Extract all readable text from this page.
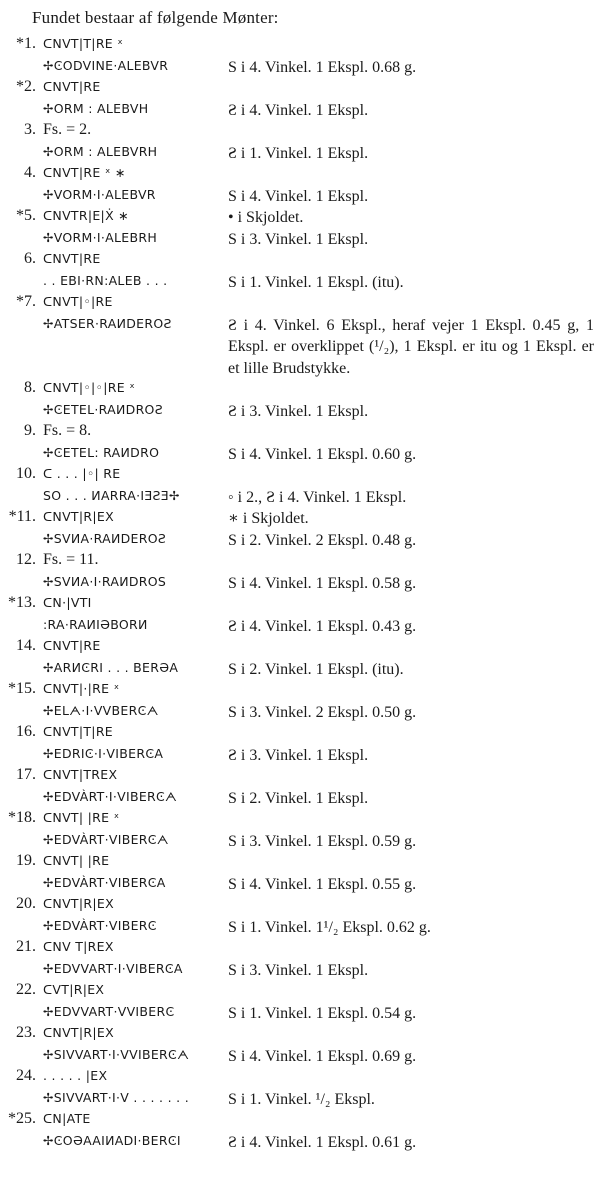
Fundet bestaar af følgende Mønter:
*1. ᑕΝVT|T|RE ˣ
✢ϾODVINE·ALEBVR	S i 4. Vinkel. 1 Ekspl. 0.68 g.
*2. ᑕΝVT|RE
✢ORM : ALEBVH	Ƨ i 4. Vinkel. 1 Ekspl.
3. Fs. = 2.
✢ORM : ALEBVRH	Ƨ i 1. Vinkel. 1 Ekspl.
4. ᑕΝVT|RE ˣ ∗
✢VORM·I·ALEBVR	S i 4. Vinkel. 1 Ekspl.
*5. ᑕΝVTR|E|Ẋ ∗	• i Skjoldet.
✢VORM·I·ALEBRH	S i 3. Vinkel. 1 Ekspl.
6. ᑕΝVT|RE
. . EBI·RN:ALEB . . .	S i 1. Vinkel. 1 Ekspl. (itu).
*7. ᑕΝVT|◦|RE
✢ATSER·RAИDEROƧ	Ƨ i 4. Vinkel. 6 Ekspl., heraf vejer 1 Ekspl. 0.45 g, 1 Ekspl. er overklippet (¹/₂), 1 Ekspl. er itu og 1 Ekspl. er et lille Brudstykke.
8. ᑕΝVT|◦|◦|RE ˣ
✢ϾETEL·RAИDROƧ	Ƨ i 3. Vinkel. 1 Ekspl.
9. Fs. = 8.
✢ϾETEL: RAИDRO	S i 4. Vinkel. 1 Ekspl. 0.60 g.
10. ᑕ . . . |◦| RE
SO . . . ИARRA·IƎƧƎ✢	◦ i 2., Ƨ i 4. Vinkel. 1 Ekspl.
*11. ᑕΝVT|R|EX	∗ i Skjoldet.
✢SVИA·RAИDEROƧ	S i 2. Vinkel. 2 Ekspl. 0.48 g.
12. Fs. = 11.
✢SVИA·I·RAИDROS	S i 4. Vinkel. 1 Ekspl. 0.58 g.
*13. ᑕΝ·|VTI
:RA·RAИIƏBORИ	Ƨ i 4. Vinkel. 1 Ekspl. 0.43 g.
14. ᑕΝVT|RE
✢ARИϾRI . . . BERƏA	S i 2. Vinkel. 1 Ekspl. (itu).
*15. ᑕΝVT|·|RE ˣ
✢ELᗅ·I·VVBERϾᗅ	S i 3. Vinkel. 2 Ekspl. 0.50 g.
16. ᑕΝVT|T|RE
✢EDRIϾ·I·VIBERϾA	Ƨ i 3. Vinkel. 1 Ekspl.
17. ᑕΝVT|TREX
✢EDVÀRT·I·VIBERϾᗅ	S i 2. Vinkel. 1 Ekspl.
*18. ᑕΝVT| |RE ˣ
✢EDVÀRT·VIBERϾᗅ	S i 3. Vinkel. 1 Ekspl. 0.59 g.
19. ᑕΝVT| |RE
✢EDVÀRT·VIBERϾA	S i 4. Vinkel. 1 Ekspl. 0.55 g.
20. ᑕΝVT|R|EX
✢EDVÀRT·VIBERϾ	S i 1. Vinkel. 1¹/₂ Ekspl. 0.62 g.
21. ᑕΝV T|REX
✢EDVVART·I·VIBERϾA	S i 3. Vinkel. 1 Ekspl.
22. ᑕVT|R|EX
✢EDVVART·VVIBERϾ	S i 1. Vinkel. 1 Ekspl. 0.54 g.
23. ᑕΝVT|R|EX
✢SIVVART·I·VVIBERϾᗅ S i 4. Vinkel. 1 Ekspl. 0.69 g.
24. . . . . . |EX
✢SIVVART·I·V . . . . . . . S i 1. Vinkel. ¹/₂ Ekspl.
*25. ᑕΝ|ATE
✢ϾOƏAAIИADI·BERϾI	Ƨ i 4. Vinkel. 1 Ekspl. 0.61 g.
